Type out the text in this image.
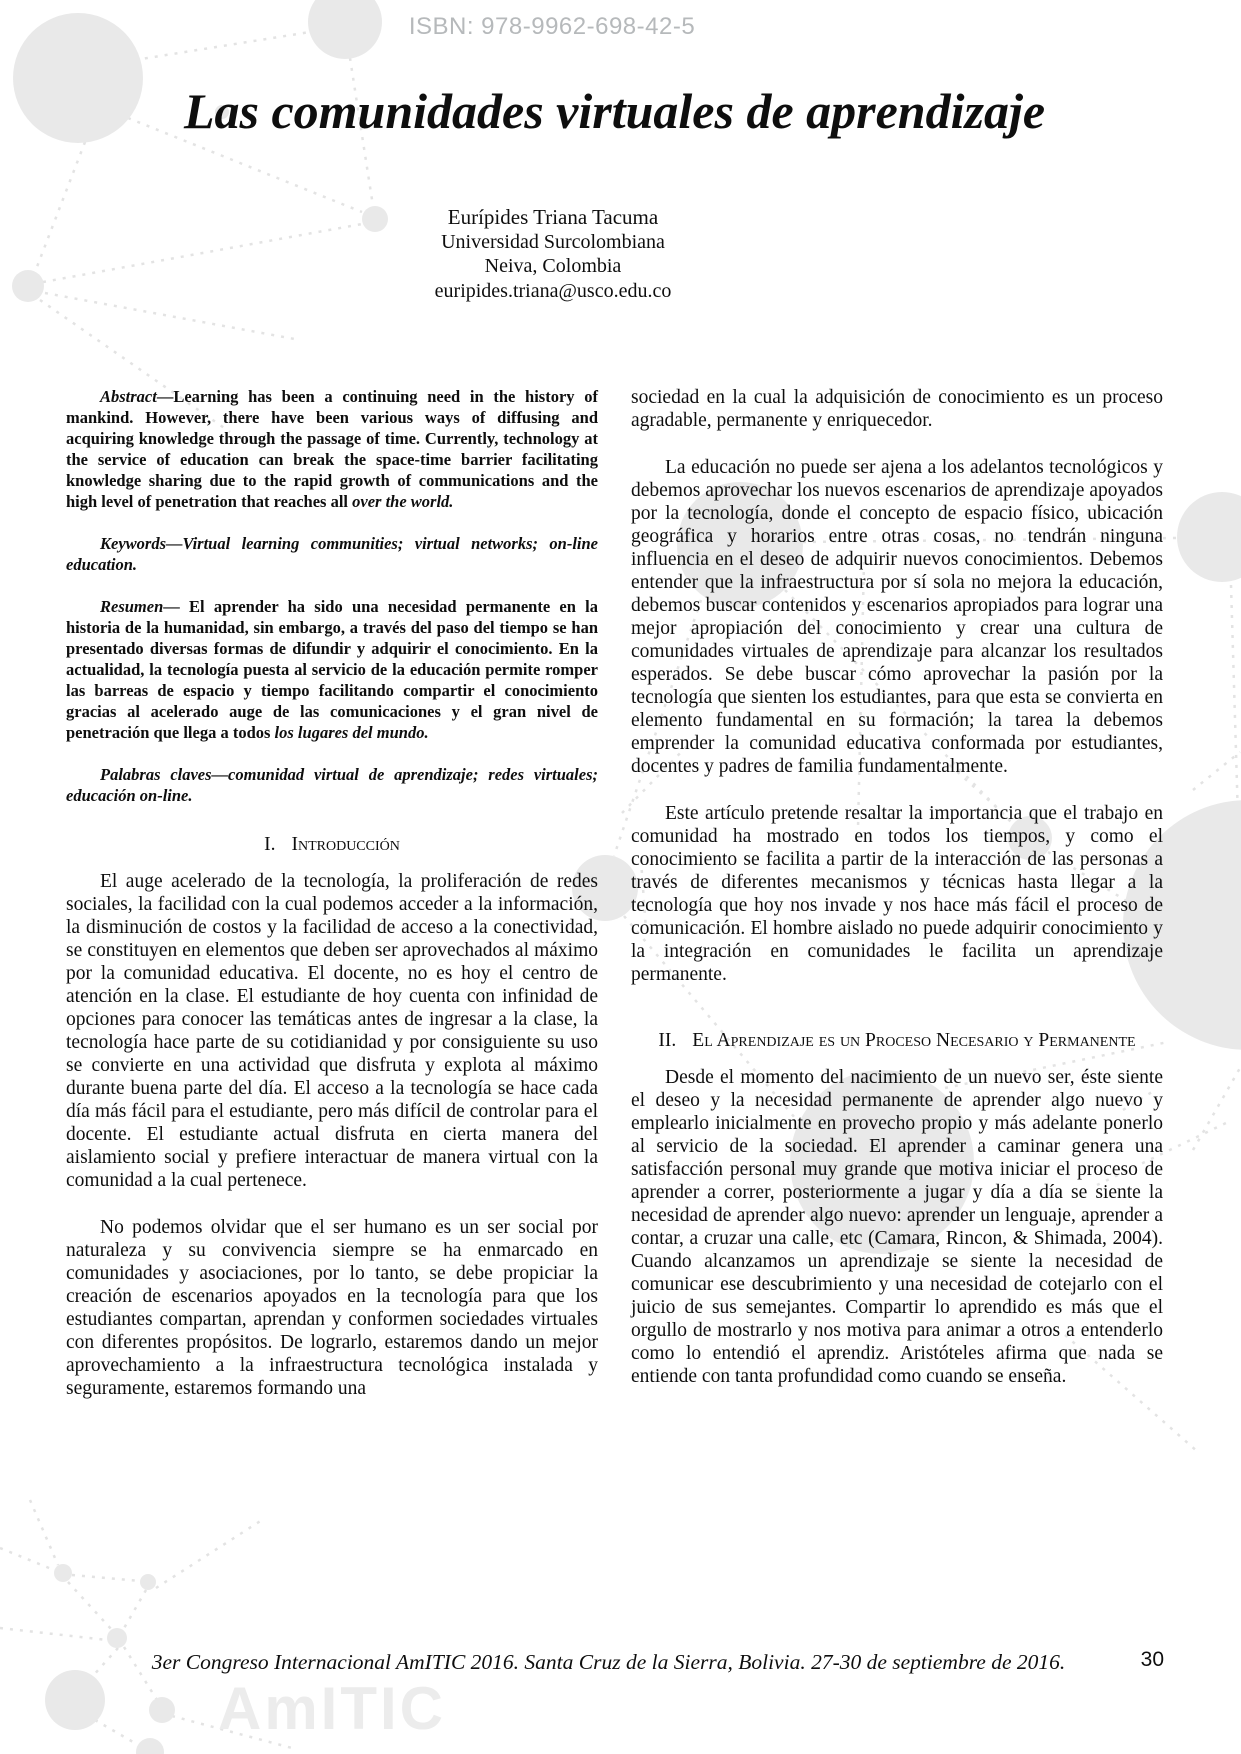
AmITIC
ISBN: 978-9962-698-42-5
Las comunidades virtuales de aprendizaje
Eurípides Triana Tacuma
Universidad Surcolombiana
Neiva, Colombia
euripides.triana@usco.edu.co

Abstract—Learning has been a continuing need in the history of mankind. However, there have been various ways of diffusing and acquiring knowledge through the passage of time. Currently, technology at the service of education can break the space-time barrier facilitating knowledge sharing due to the rapid growth of communications and the high level of penetration that reaches all over the world.

Keywords—Virtual learning communities; virtual networks; on-line education.

Resumen— El aprender ha sido una necesidad permanente en la historia de la humanidad, sin embargo, a través del paso del tiempo se han presentado diversas formas de difundir y adquirir el conocimiento. En la actualidad, la tecnología puesta al servicio de la educación permite romper las barreas de espacio y tiempo facilitando compartir el conocimiento gracias al acelerado auge de las comunicaciones y el gran nivel de penetración que llega a todos los lugares del mundo.

Palabras claves—comunidad virtual de aprendizaje; redes virtuales; educación on-line.

I. Introducción

El auge acelerado de la tecnología, la proliferación de redes sociales, la facilidad con la cual podemos acceder a la información, la disminución de costos y la facilidad de acceso a la conectividad, se constituyen en elementos que deben ser aprovechados al máximo por la comunidad educativa. El docente, no es hoy el centro de atención en la clase. El estudiante de hoy cuenta con infinidad de opciones para conocer las temáticas antes de ingresar a la clase, la tecnología hace parte de su cotidianidad y por consiguiente su uso se convierte en una actividad que disfruta y explota al máximo durante buena parte del día. El acceso a la tecnología se hace cada día más fácil para el estudiante, pero más difícil de controlar para el docente. El estudiante actual disfruta en cierta manera del aislamiento social y prefiere interactuar de manera virtual con la comunidad a la cual pertenece.

No podemos olvidar que el ser humano es un ser social por naturaleza y su convivencia siempre se ha enmarcado en comunidades y asociaciones, por lo tanto, se debe propiciar la creación de escenarios apoyados en la tecnología para que los estudiantes compartan, aprendan y conformen sociedades virtuales con diferentes propósitos. De lograrlo, estaremos dando un mejor aprovechamiento a la infraestructura tecnológica instalada y seguramente, estaremos formando una

sociedad en la cual la adquisición de conocimiento es un proceso agradable, permanente y enriquecedor.

La educación no puede ser ajena a los adelantos tecnológicos y debemos aprovechar los nuevos escenarios de aprendizaje apoyados por la tecnología, donde el concepto de espacio físico, ubicación geográfica y horarios entre otras cosas, no tendrán ninguna influencia en el deseo de adquirir nuevos conocimientos. Debemos entender que la infraestructura por sí sola no mejora la educación, debemos buscar contenidos y escenarios apropiados para lograr una mejor apropiación del conocimiento y crear una cultura de comunidades virtuales de aprendizaje para alcanzar los resultados esperados. Se debe buscar cómo aprovechar la pasión por la tecnología que sienten los estudiantes, para que esta se convierta en elemento fundamental en su formación; la tarea la debemos emprender la comunidad educativa conformada por estudiantes, docentes y padres de familia fundamentalmente.

Este artículo pretende resaltar la importancia que el trabajo en comunidad ha mostrado en todos los tiempos, y como el conocimiento se facilita a partir de la interacción de las personas a través de diferentes mecanismos y técnicas hasta llegar a la tecnología que hoy nos invade y nos hace más fácil el proceso de comunicación. El hombre aislado no puede adquirir conocimiento y la integración en comunidades le facilita un aprendizaje permanente.

II. El Aprendizaje es un Proceso Necesario y Permanente

Desde el momento del nacimiento de un nuevo ser, éste siente el deseo y la necesidad permanente de aprender algo nuevo y emplearlo inicialmente en provecho propio y más adelante ponerlo al servicio de la sociedad. El aprender a caminar genera una satisfacción personal muy grande que motiva iniciar el proceso de aprender a correr, posteriormente a jugar y día a día se siente la necesidad de aprender algo nuevo: aprender un lenguaje, aprender a contar, a cruzar una calle, etc (Camara, Rincon, & Shimada, 2004). Cuando alcanzamos un aprendizaje se siente la necesidad de comunicar ese descubrimiento y una necesidad de cotejarlo con el juicio de sus semejantes. Compartir lo aprendido es más que el orgullo de mostrarlo y nos motiva para animar a otros a entenderlo como lo entendió el aprendiz. Aristóteles afirma que nada se entiende con tanta profundidad como cuando se enseña.

3er Congreso Internacional AmITIC 2016. Santa Cruz de la Sierra, Bolivia. 27-30 de septiembre de 2016.	30
